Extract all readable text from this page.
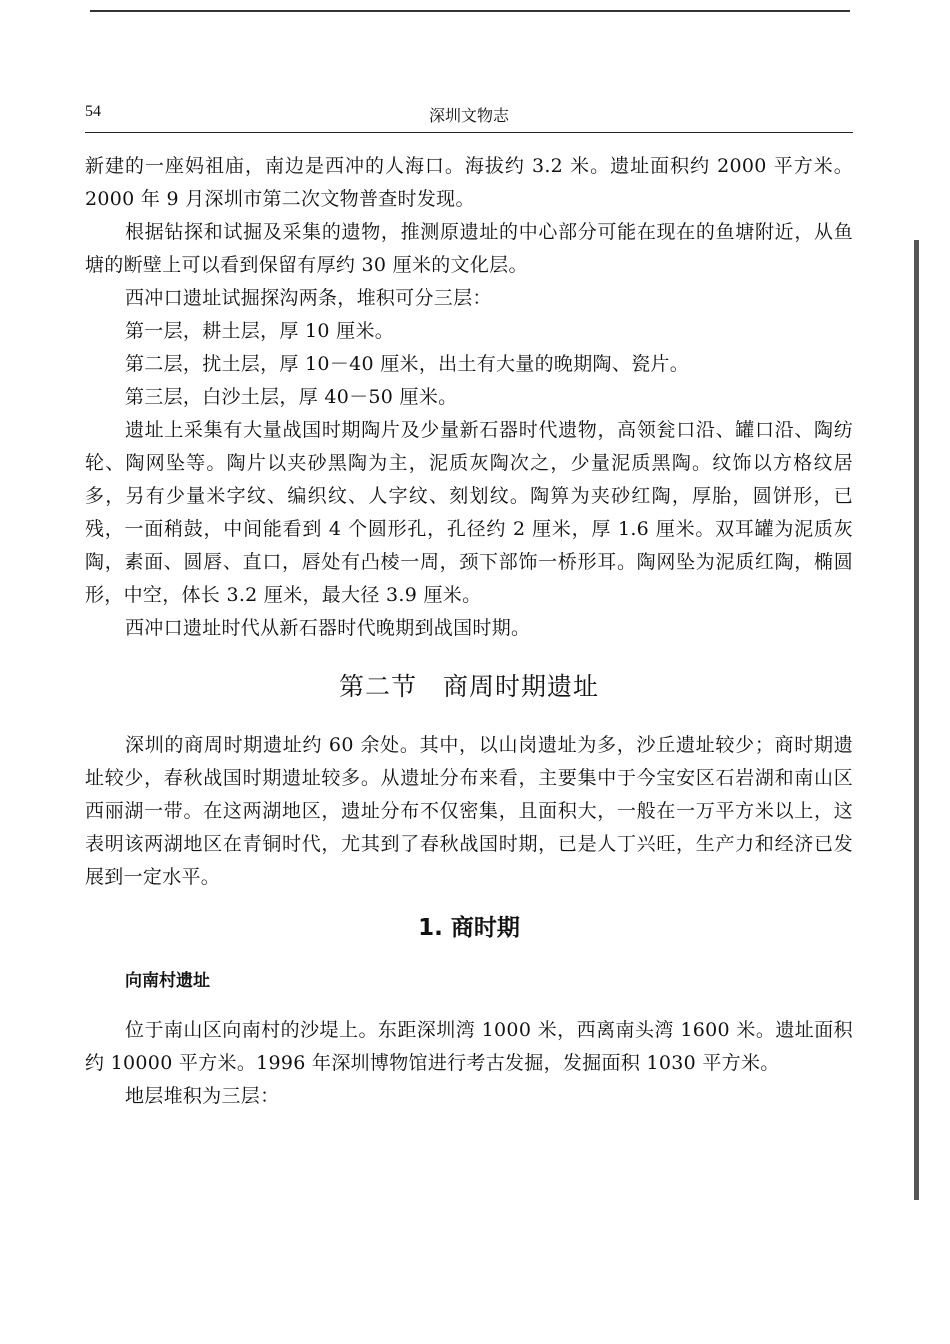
54	深圳文物志

新建的一座妈祖庙，南边是西冲的人海口。海拔约 3.2 米。遗址面积约 2000 平方米。2000 年 9 月深圳市第二次文物普查时发现。

根据钻探和试掘及采集的遗物，推测原遗址的中心部分可能在现在的鱼塘附近，从鱼塘的断壁上可以看到保留有厚约 30 厘米的文化层。

西冲口遗址试掘探沟两条，堆积可分三层：

第一层，耕土层，厚 10 厘米。

第二层，扰土层，厚 10－40 厘米，出土有大量的晚期陶、瓷片。

第三层，白沙土层，厚 40－50 厘米。

遗址上采集有大量战国时期陶片及少量新石器时代遗物，高领瓮口沿、罐口沿、陶纺轮、陶网坠等。陶片以夹砂黑陶为主，泥质灰陶次之，少量泥质黑陶。纹饰以方格纹居多，另有少量米字纹、编织纹、人字纹、刻划纹。陶箅为夹砂红陶，厚胎，圆饼形，已残，一面稍鼓，中间能看到 4 个圆形孔，孔径约 2 厘米，厚 1.6 厘米。双耳罐为泥质灰陶，素面、圆唇、直口，唇处有凸棱一周，颈下部饰一桥形耳。陶网坠为泥质红陶，椭圆形，中空，体长 3.2 厘米，最大径 3.9 厘米。

西冲口遗址时代从新石器时代晚期到战国时期。

第二节　商周时期遗址

深圳的商周时期遗址约 60 余处。其中，以山岗遗址为多，沙丘遗址较少；商时期遗址较少，春秋战国时期遗址较多。从遗址分布来看，主要集中于今宝安区石岩湖和南山区西丽湖一带。在这两湖地区，遗址分布不仅密集，且面积大，一般在一万平方米以上，这表明该两湖地区在青铜时代，尤其到了春秋战国时期，已是人丁兴旺，生产力和经济已发展到一定水平。

1. 商时期
向南村遗址

位于南山区向南村的沙堤上。东距深圳湾 1000 米，西离南头湾 1600 米。遗址面积约 10000 平方米。1996 年深圳博物馆进行考古发掘，发掘面积 1030 平方米。

地层堆积为三层：
